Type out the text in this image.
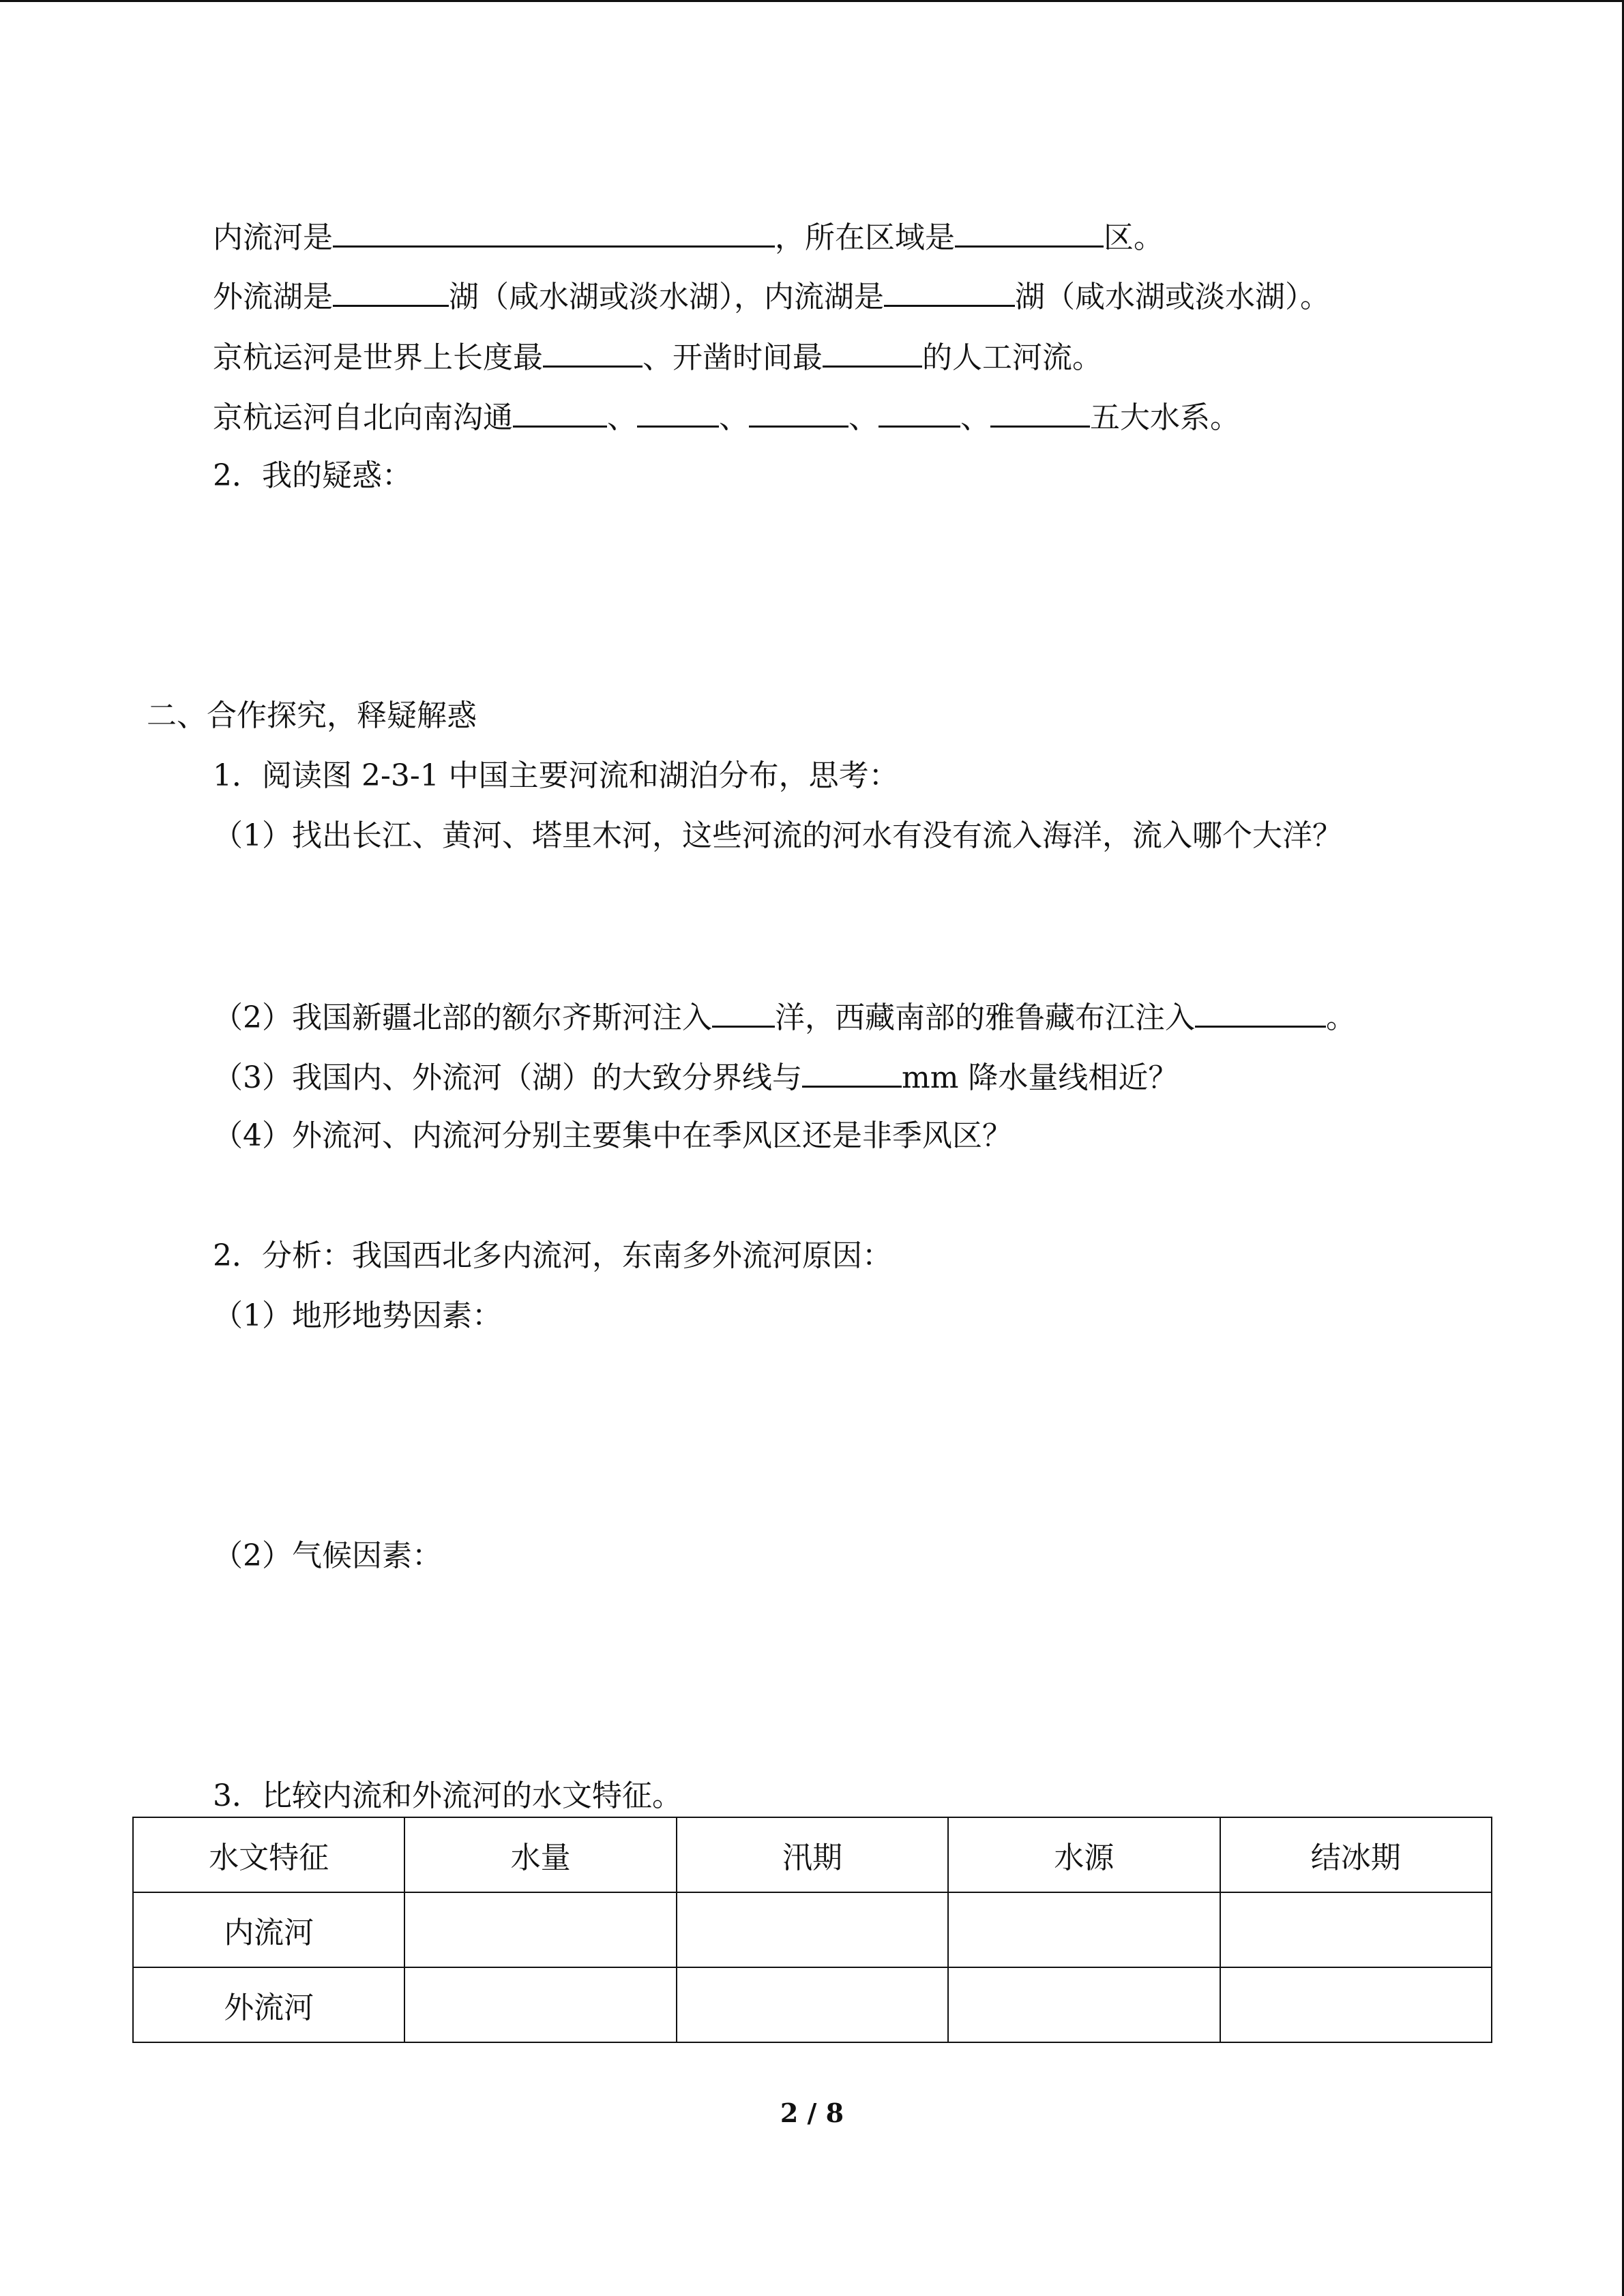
内流河是	，所在区域是	区。
外流湖是	湖（咸水湖或淡水湖），内流湖是	湖（咸水湖或淡水湖）。
京杭运河是世界上长度最	、开凿时间最	的人工河流。
京杭运河自北向南沟通	、	、	、	、	五大水系。
2．我的疑惑：
二、合作探究，释疑解惑
1．阅读图 2-3-1 中国主要河流和湖泊分布，思考：
（1）找出长江、黄河、塔里木河，这些河流的河水有没有流入海洋，流入哪个大洋？
（2）我国新疆北部的额尔齐斯河注入 洋，西藏南部的雅鲁藏布江注入	。
（3）我国内、外流河（湖）的大致分界线与	mm 降水量线相近？
（4）外流河、内流河分别主要集中在季风区还是非季风区？
2．分析：我国西北多内流河，东南多外流河原因：
（1）地形地势因素：
（2）气候因素：
3．比较内流和外流河的水文特征。
水文特征	水量	汛期	水源	结冰期
内流河				
外流河				
2 / 8
